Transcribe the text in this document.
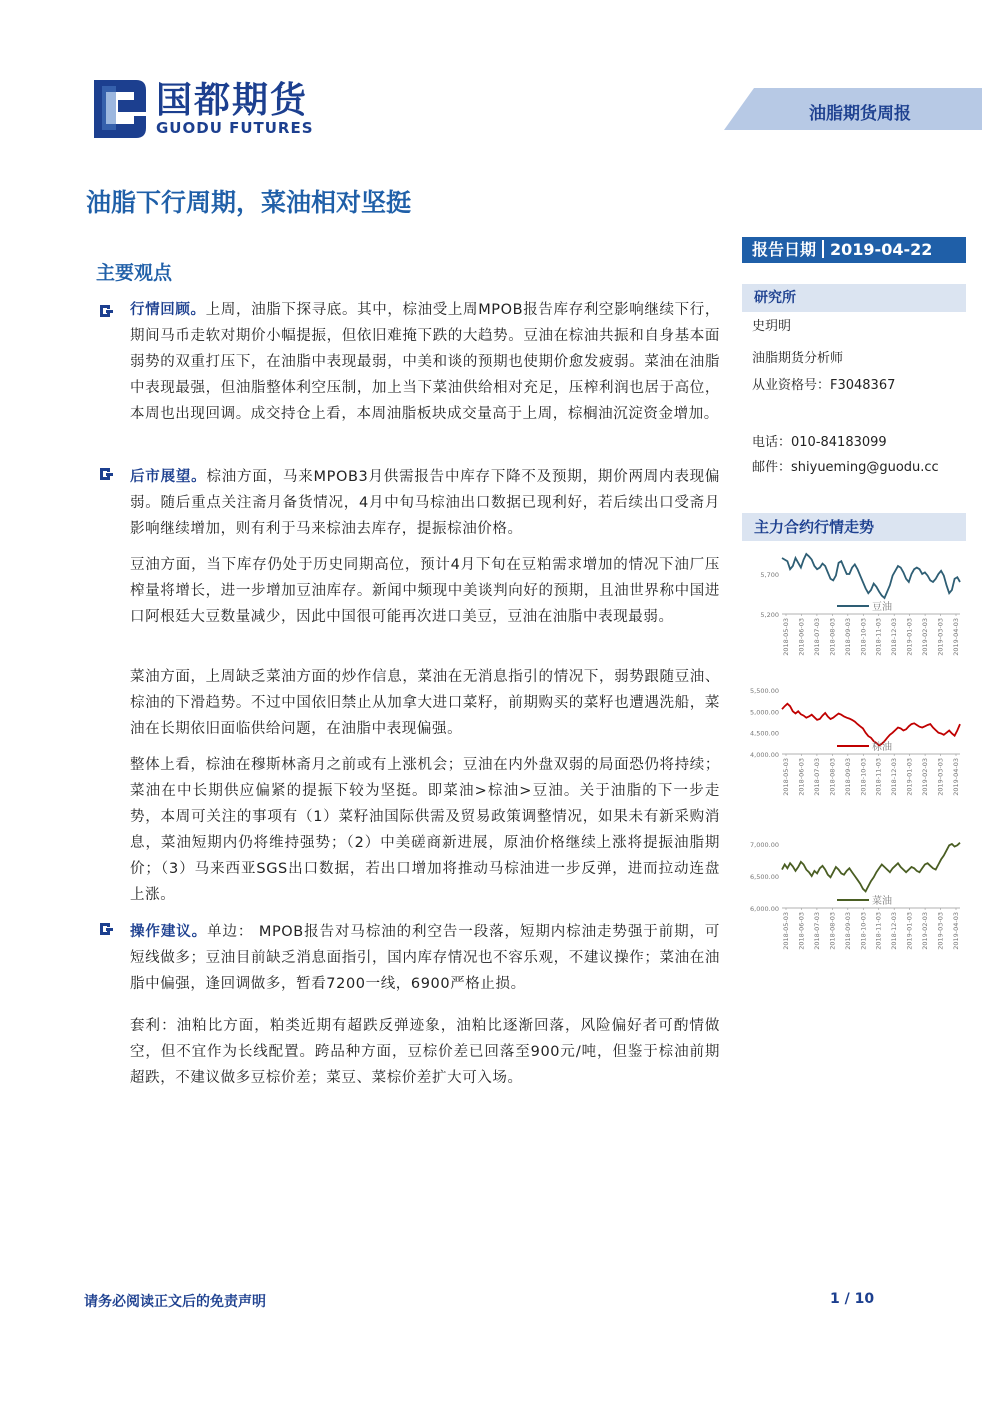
国都期货
GUODU FUTURES
油脂期货周报
油脂下行周期，菜油相对坚挺
报告日期 2019-04-22
主要观点
行情回顾。上周，油脂下探寻底。其中，棕油受上周MPOB报告库存利空影响继续下行，期间马币走软对期价小幅提振，但依旧难掩下跌的大趋势。豆油在棕油共振和自身基本面弱势的双重打压下，在油脂中表现最弱，中美和谈的预期也使期价愈发疲弱。菜油在油脂中表现最强，但油脂整体利空压制，加上当下菜油供给相对充足，压榨利润也居于高位，本周也出现回调。成交持仓上看，本周油脂板块成交量高于上周，棕榈油沉淀资金增加。
后市展望。棕油方面，马来MPOB3月供需报告中库存下降不及预期，期价两周内表现偏弱。随后重点关注斋月备货情况，4月中旬马棕油出口数据已现利好，若后续出口受斋月影响继续增加，则有利于马来棕油去库存，提振棕油价格。
豆油方面，当下库存仍处于历史同期高位，预计4月下旬在豆粕需求增加的情况下油厂压榨量将增长，进一步增加豆油库存。新闻中频现中美谈判向好的预期，且油世界称中国进口阿根廷大豆数量减少，因此中国很可能再次进口美豆，豆油在油脂中表现最弱。
菜油方面，上周缺乏菜油方面的炒作信息，菜油在无消息指引的情况下，弱势跟随豆油、棕油的下滑趋势。不过中国依旧禁止从加拿大进口菜籽，前期购买的菜籽也遭遇洗船，菜油在长期依旧面临供给问题，在油脂中表现偏强。
整体上看，棕油在穆斯林斋月之前或有上涨机会；豆油在内外盘双弱的局面恐仍将持续；菜油在中长期供应偏紧的提振下较为坚挺。即菜油>棕油>豆油。关于油脂的下一步走势，本周可关注的事项有（1）菜籽油国际供需及贸易政策调整情况，如果未有新采购消息，菜油短期内仍将维持强势；（2）中美磋商新进展，原油价格继续上涨将提振油脂期价；（3）马来西亚SGS出口数据，若出口增加将推动马棕油进一步反弹，进而拉动连盘上涨。
操作建议。单边： MPOB报告对马棕油的利空告一段落，短期内棕油走势强于前期，可短线做多；豆油目前缺乏消息面指引，国内库存情况也不容乐观，不建议操作；菜油在油脂中偏强，逢回调做多，暂看7200一线，6900严格止损。
套利：油粕比方面，粕类近期有超跌反弹迹象，油粕比逐渐回落，风险偏好者可酌情做空，但不宜作为长线配置。跨品种方面，豆棕价差已回落至900元/吨，但鉴于棕油前期超跌，不建议做多豆棕价差；菜豆、菜棕价差扩大可入场。
研究所
史玥明
油脂期货分析师
从业资格号：F3048367
电话：010-84183099
邮件：shiyueming@guodu.cc
主力合约行情走势
5,700
5,200
2018-05-03 2018-06-03 2018-07-03 2018-08-03 2018-09-03 2018-10-03 2018-11-03 2018-12-03 2019-01-03 2019-02-03 2019-03-03 2019-04-03
豆油
5,500.00
5,000.00
4,500.00
4,000.00
2018-05-03 2018-06-03 2018-07-03 2018-08-03 2018-09-03 2018-10-03 2018-11-03 2018-12-03 2019-01-03 2019-02-03 2019-03-03 2019-04-03
棕油
7,000.00
6,500.00
6,000.00
2018-05-03 2018-06-03 2018-07-03 2018-08-03 2018-09-03 2018-10-03 2018-11-03 2018-12-03 2019-01-03 2019-02-03 2019-03-03 2019-04-03
菜油
请务必阅读正文后的免责声明	1 / 10
